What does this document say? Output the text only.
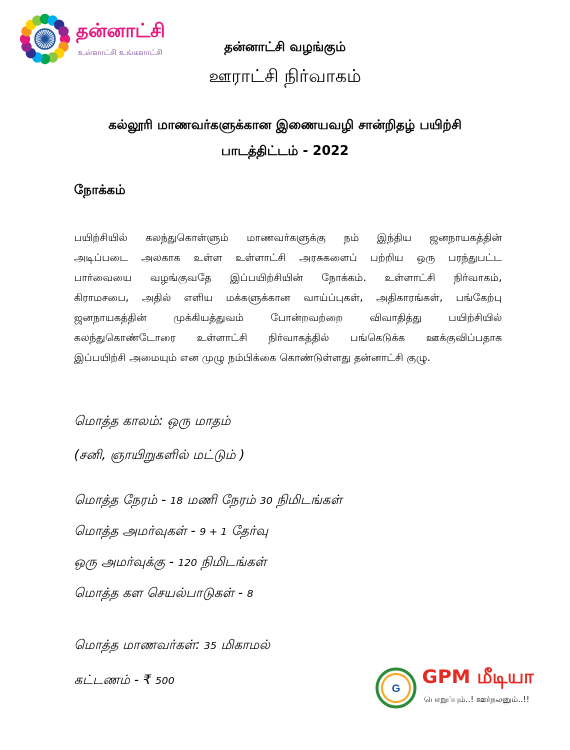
தன்னாட்சி
உள்ளாட்சி உங்களாட்சி	தன்னாட்சி வழங்கும்
ஊராட்சி நிர்வாகம்
கல்லூரி மாணவர்களுக்கான இணையவழி சான்றிதழ் பயிற்சி
பாடத்திட்டம் - 2022
நோக்கம்
பயிற்சியில் கலந்துகொள்ளும் மாணவர்களுக்கு நம் இந்திய ஜனநாயகத்தின்
அடிப்படை அலகாக உள்ள உள்ளாட்சி அரசுகளைப் பற்றிய ஒரு பரந்துபட்ட
பார்வையை வழங்குவதே இப்பயிற்சியின் நோக்கம். உள்ளாட்சி நிர்வாகம்,
கிராமசபை, அதில் எளிய மக்களுக்கான வாய்ப்புகள், அதிகாரங்கள், பங்கேற்பு
ஜனநாயகத்தின் முக்கியத்துவம் போன்றவற்றை விவாதித்து பயிற்சியில்
கலந்துகொண்டோரை உள்ளாட்சி நிர்வாகத்தில் பங்கெடுக்க ஊக்குவிப்பதாக
இப்பயிற்சி அமையும் என முழு நம்பிக்கை கொண்டுள்ளது தன்னாட்சி குழு.
மொத்த காலம்: ஒரு மாதம்
(சனி, ஞாயிறுகளில் மட்டும் )
மொத்த நேரம் - 18 மணி நேரம் 30 நிமிடங்கள்
மொத்த அமர்வுகள் - 9 + 1 தேர்வு
ஒரு அமர்வுக்கு - 120 நிமிடங்கள்
மொத்த கள செயல்பாடுகள் - 8
மொத்த மாணவர்கள்: 35 மிகாமல்
கட்டணம் - ₹ 500
G
GPM மீடியா
பொறுப்பும்..! ஊர்நலனும்..!!
